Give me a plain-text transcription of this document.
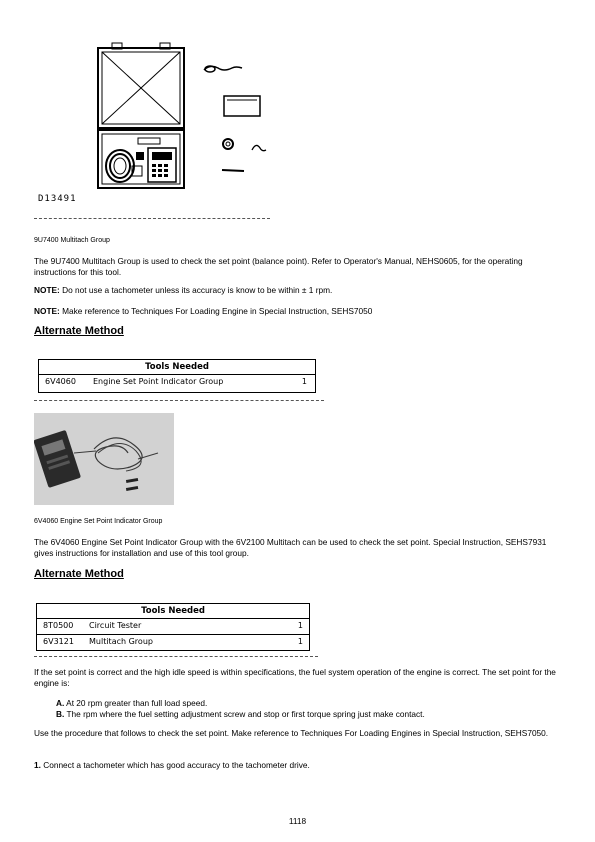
D13491
9U7400 Multitach Group
The 9U7400 Multitach Group is used to check the set point (balance point). Refer to Operator's Manual, NEHS0605, for the operating instructions for this tool.
NOTE: Do not use a tachometer unless its accuracy is know to be within ± 1 rpm.
NOTE: Make reference to Techniques For Loading Engine in Special Instruction, SEHS7050
Alternate Method
Tools Needed
6V4060 Engine Set Point Indicator Group	1
6V4060 Engine Set Point Indicator Group
The 6V4060 Engine Set Point Indicator Group with the 6V2100 Multitach can be used to check the set point. Special Instruction, SEHS7931 gives instructions for installation and use of this tool group.
Alternate Method
Tools Needed
8T0500 Circuit Tester	1
6V3121 Multitach Group	1
If the set point is correct and the high idle speed is within specifications, the fuel system operation of the engine is correct. The set point for the engine is:
A. At 20 rpm greater than full load speed.
B. The rpm where the fuel setting adjustment screw and stop or first torque spring just make contact.
Use the procedure that follows to check the set point. Make reference to Techniques For Loading Engines in Special Instruction, SEHS7050.
1. Connect a tachometer which has good accuracy to the tachometer drive.
1118
